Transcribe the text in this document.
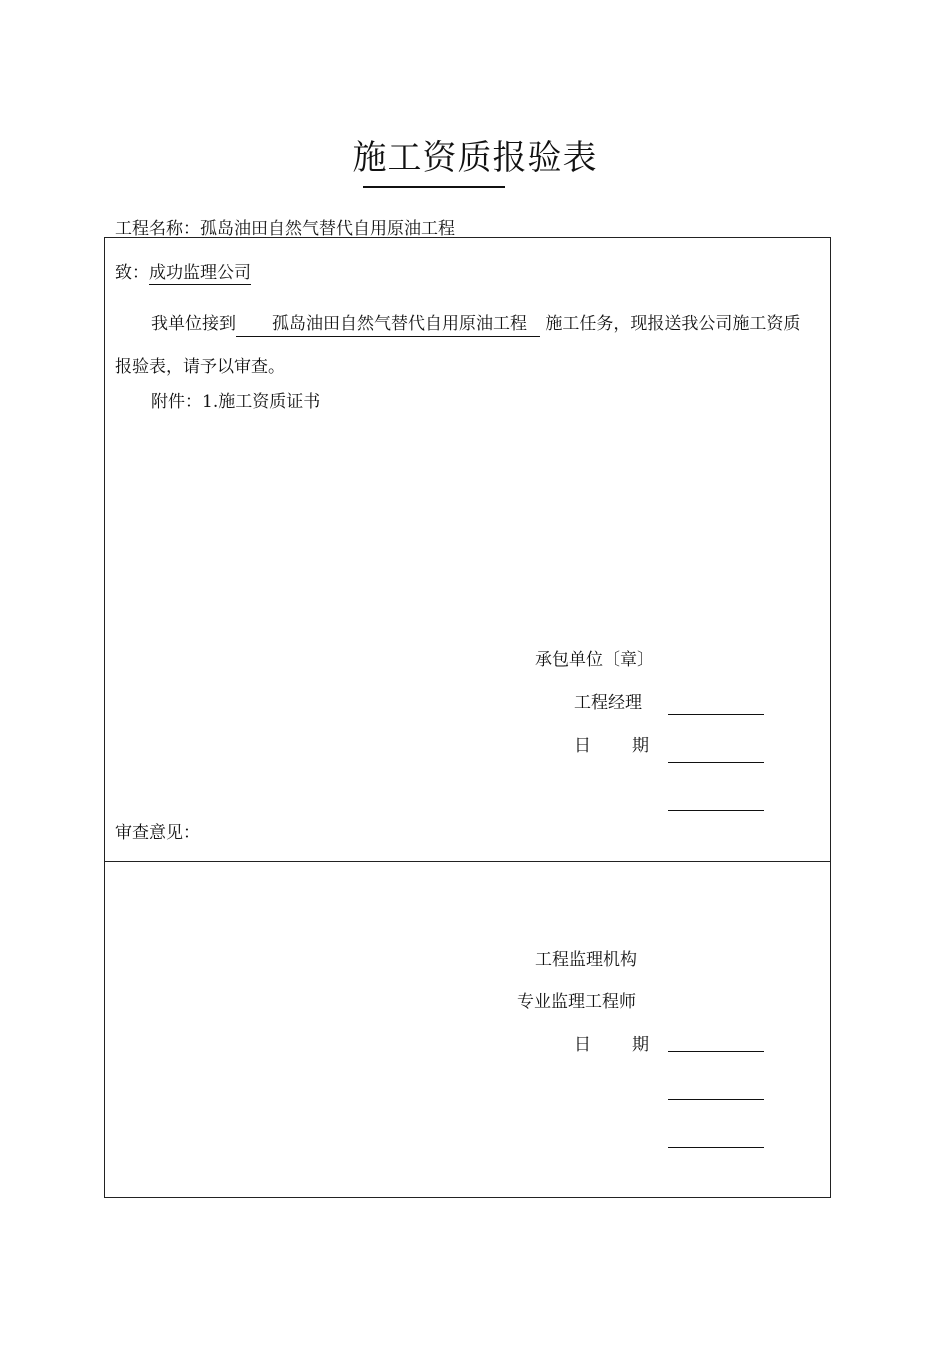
施工资质报验表
工程名称：孤岛油田自然气替代自用原油工程
致：成功监理公司
我单位接到 孤岛油田自然气替代自用原油工程 施工任务，现报送我公司施工资质报验表，请予以审查。
附件：1.施工资质证书
承包单位〔章〕
工程经理
日 期
审查意见：
工程监理机构
专业监理工程师
日 期
